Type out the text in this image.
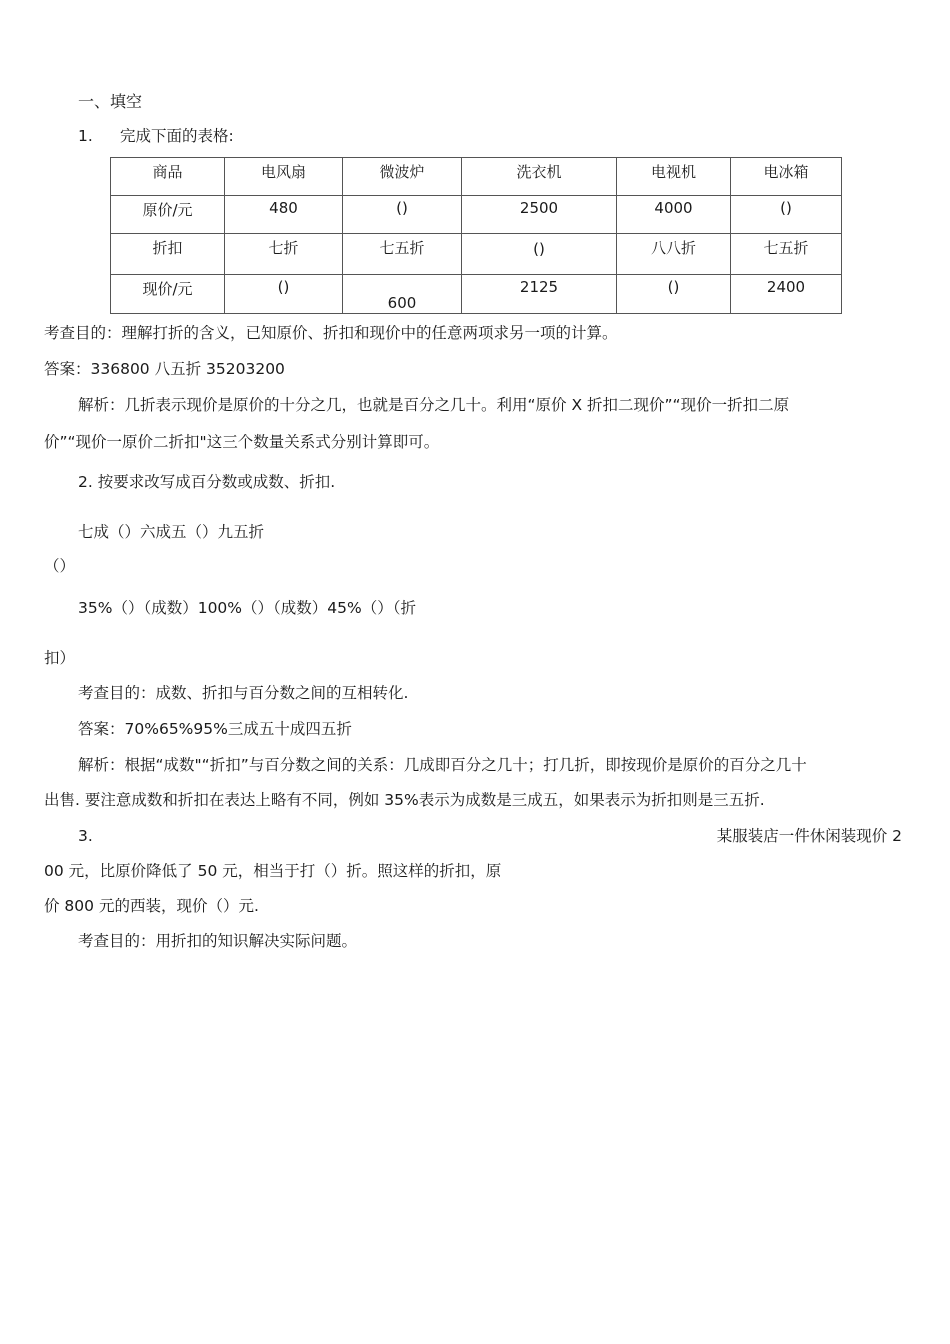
一、填空
1. 完成下面的表格:
商品	电风扇	微波炉	洗衣机	电视机	电冰箱
原价/元	480	()	2500	4000	()
折扣	七折	七五折	()	八八折	七五折
现价/元	()	600	2125	()	2400
考查目的：理解打折的含义，已知原价、折扣和现价中的任意两项求另一项的计算。
答案：336800 八五折 35203200
解析：几折表示现价是原价的十分之几，也就是百分之几十。利用“原价 X 折扣二现价”“现价一折扣二原
价”“现价一原价二折扣"这三个数量关系式分别计算即可。
2. 按要求改写成百分数或成数、折扣.
七成（）六成五（）九五折
（）
35%（）（成数）100%（）（成数）45%（）（折
扣）
考查目的：成数、折扣与百分数之间的互相转化.
答案：70%65%95%三成五十成四五折
解析：根据“成数"“折扣”与百分数之间的关系：几成即百分之几十；打几折，即按现价是原价的百分之几十
出售. 要注意成数和折扣在表达上略有不同，例如 35%表示为成数是三成五，如果表示为折扣则是三五折.
3.	某服装店一件休闲装现价 2
00 元，比原价降低了 50 元，相当于打（）折。照这样的折扣，原
价 800 元的西装，现价（）元.
考查目的：用折扣的知识解决实际问题。
